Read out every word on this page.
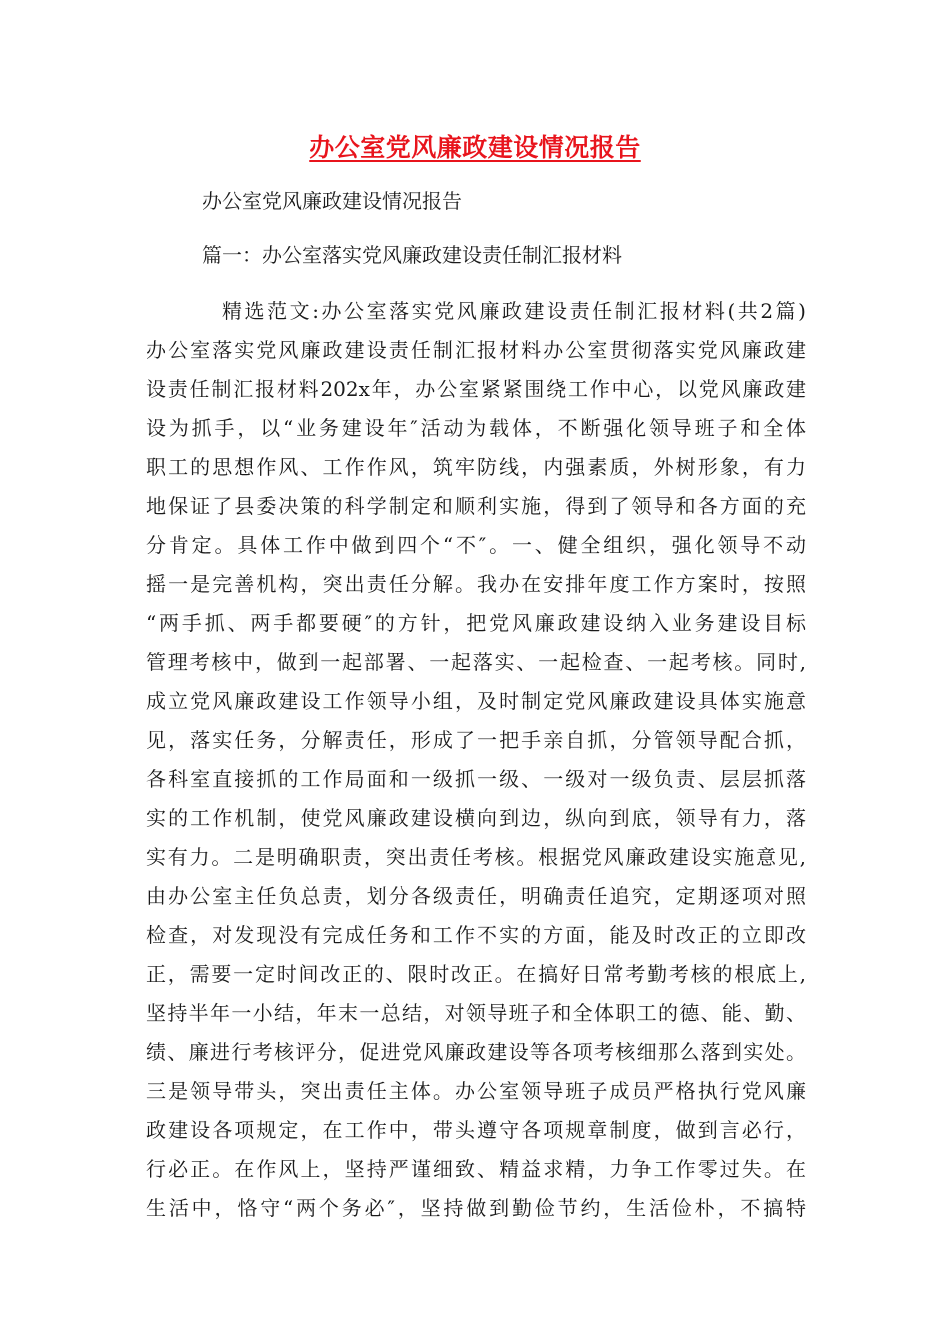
办公室党风廉政建设情况报告
办公室党风廉政建设情况报告
篇一：办公室落实党风廉政建设责任制汇报材料
精选范文:办公室落实党风廉政建设责任制汇报材料(共2篇)
办公室落实党风廉政建设责任制汇报材料办公室贯彻落实党风廉政建
设责任制汇报材料202x年，办公室紧紧围绕工作中心，以党风廉政建
设为抓手，以“业务建设年″活动为载体，不断强化领导班子和全体
职工的思想作风、工作作风，筑牢防线，内强素质，外树形象，有力
地保证了县委决策的科学制定和顺利实施，得到了领导和各方面的充
分肯定。具体工作中做到四个“不″。一、健全组织，强化领导不动
摇一是完善机构，突出责任分解。我办在安排年度工作方案时，按照
“两手抓、两手都要硬″的方针，把党风廉政建设纳入业务建设目标
管理考核中，做到一起部署、一起落实、一起检查、一起考核。同时,
成立党风廉政建设工作领导小组，及时制定党风廉政建设具体实施意
见，落实任务，分解责任，形成了一把手亲自抓，分管领导配合抓，
各科室直接抓的工作局面和一级抓一级、一级对一级负责、层层抓落
实的工作机制，使党风廉政建设横向到边，纵向到底，领导有力，落
实有力。二是明确职责，突出责任考核。根据党风廉政建设实施意见,
由办公室主任负总责，划分各级责任，明确责任追究，定期逐项对照
检查，对发现没有完成任务和工作不实的方面，能及时改正的立即改
正，需要一定时间改正的、限时改正。在搞好日常考勤考核的根底上,
坚持半年一小结，年末一总结，对领导班子和全体职工的德、能、勤、
绩、廉进行考核评分，促进党风廉政建设等各项考核细那么落到实处。
三是领导带头，突出责任主体。办公室领导班子成员严格执行党风廉
政建设各项规定，在工作中，带头遵守各项规章制度，做到言必行，
行必正。在作风上，坚持严谨细致、精益求精，力争工作零过失。在
生活中，恪守“两个务必″，坚持做到勤俭节约，生活俭朴，不搞特
